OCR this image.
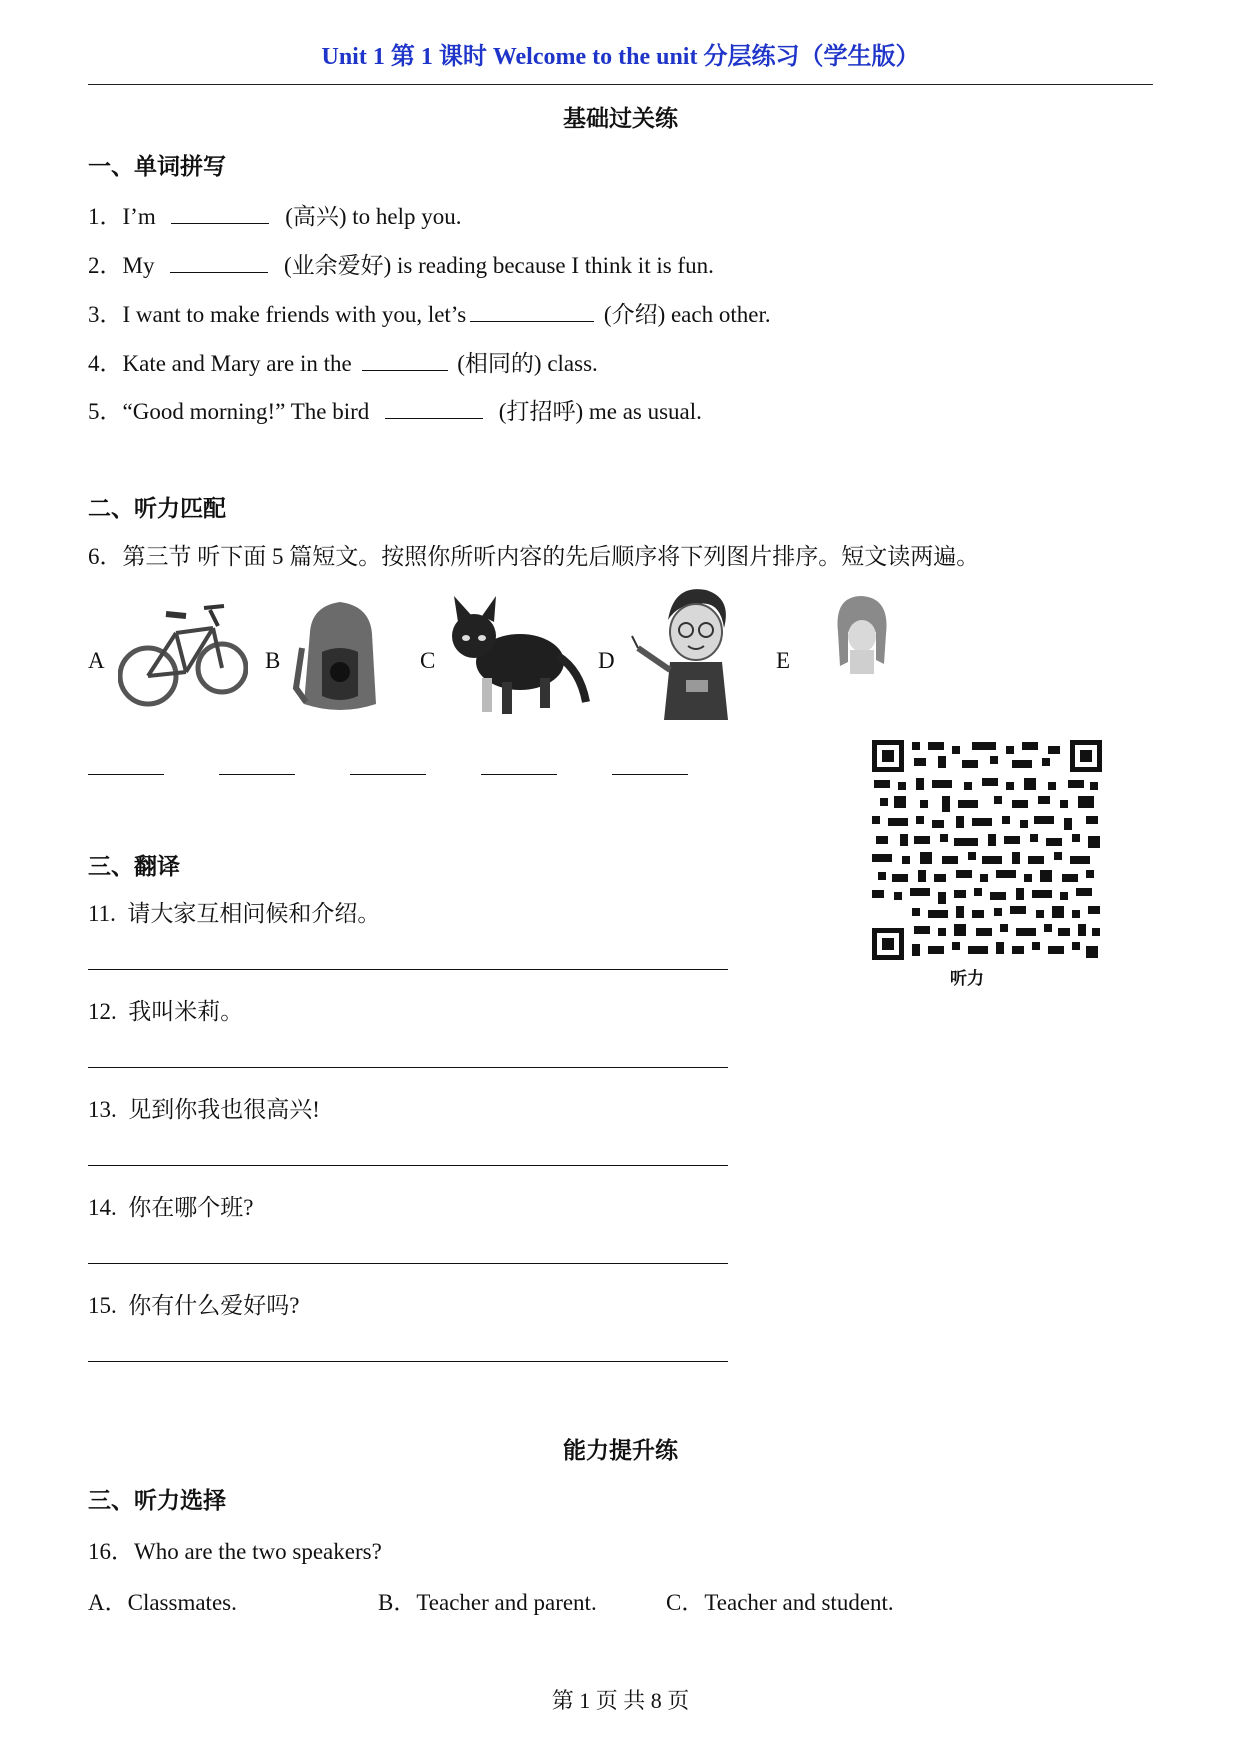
Unit 1 第 1 课时 Welcome to the unit 分层练习（学生版）
基础过关练
一、单词拼写
1．I’m	(高兴) to help you.
2．My	(业余爱好) is reading because I think it is fun.
3．I want to make friends with you, let’s	(介绍) each other.
4．Kate and Mary are in the	(相同的) class.
5．“Good morning!” The bird	(打招呼) me as usual.
二、听力匹配
6．第三节 听下面 5 篇短文。按照你所听内容的先后顺序将下列图片排序。短文读两遍。
A	B	C	D	E
听力
三、翻译
11. 请大家互相问候和介绍。
12. 我叫米莉。
13. 见到你我也很高兴!
14. 你在哪个班?
15. 你有什么爱好吗?
能力提升练
三、听力选择
16．Who are the two speakers?
A．Classmates.	B．Teacher and parent.	C．Teacher and student.
第 1 页 共 8 页
